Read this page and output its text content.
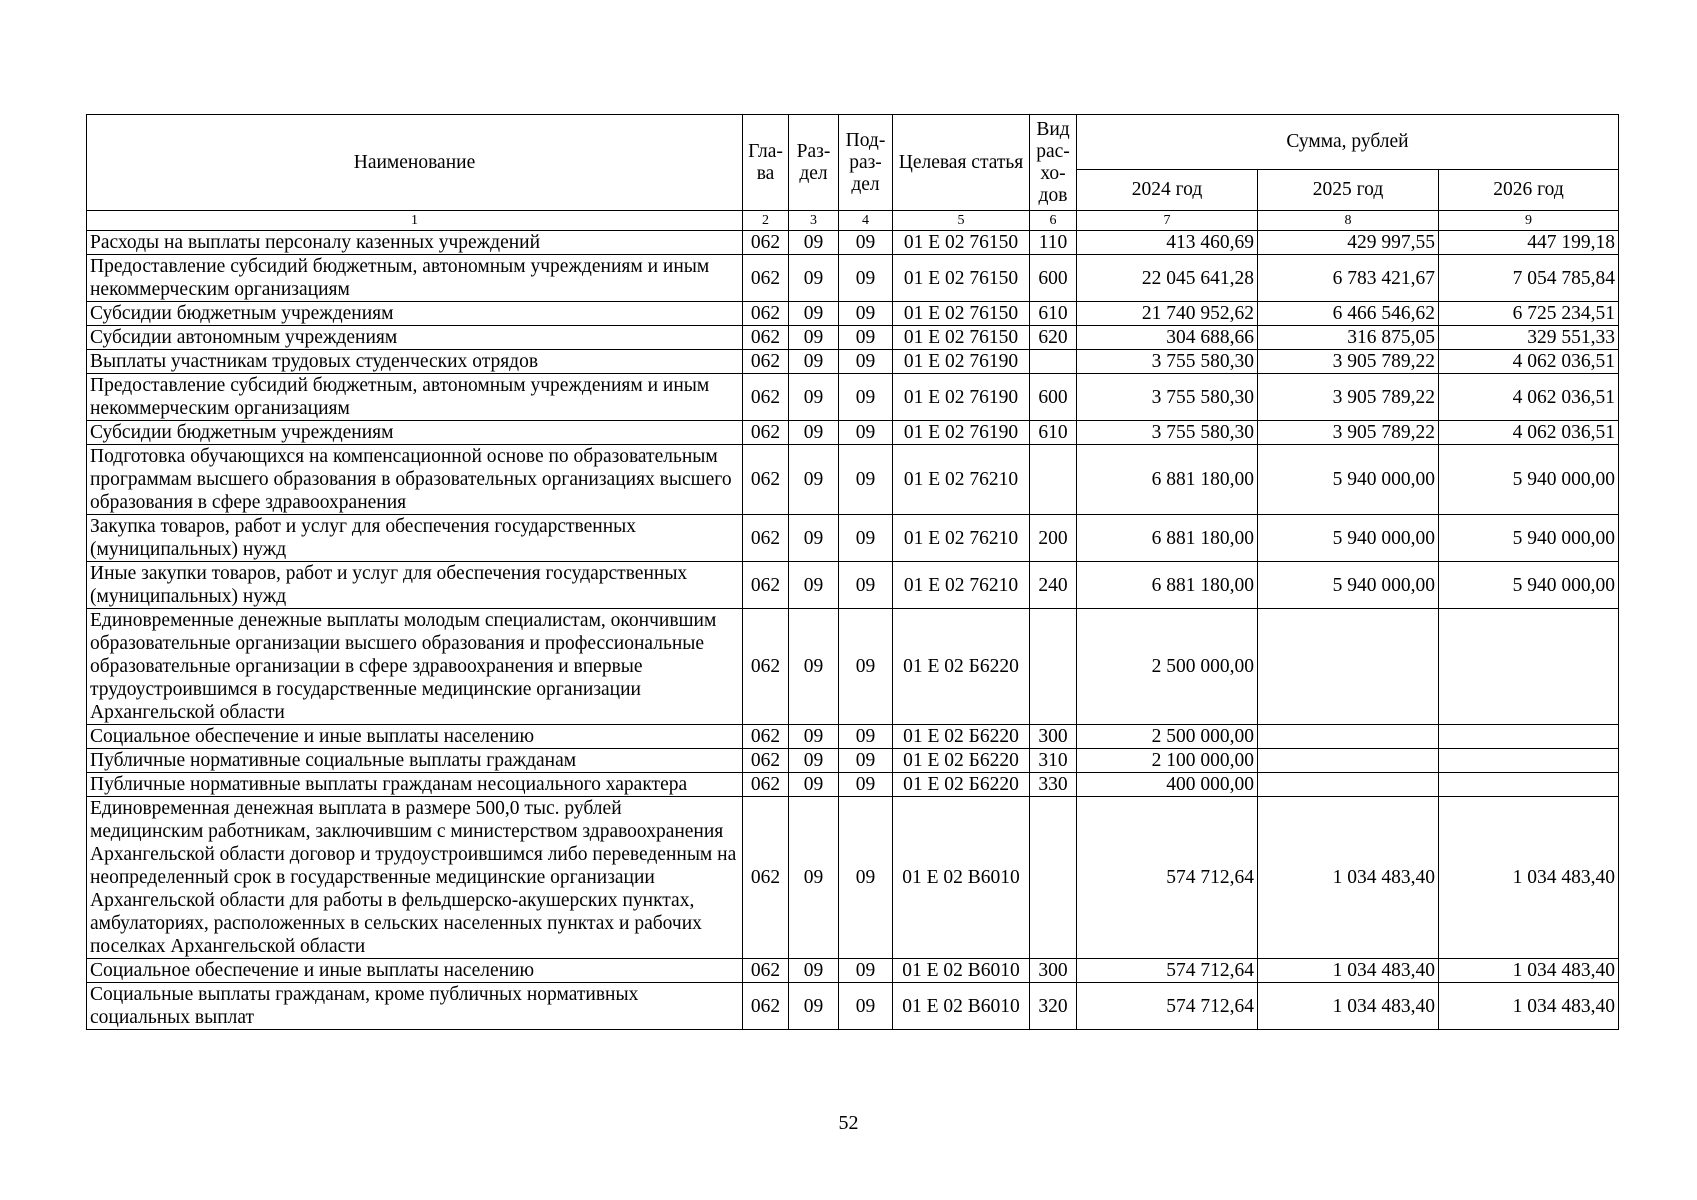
Наименование	Гла-ва	Раз-дел	Под-раз-дел	Целевая статья	Вид рас-хо-дов	Сумма, рублей		
						2024 год	2025 год	2026 год
1	2	3	4	5	6	7	8	9
Расходы на выплаты персоналу казенных учреждений	062	09	09	01 Е 02 76150	110	413 460,69	429 997,55	447 199,18
Предоставление субсидий бюджетным, автономным учреждениям и иным некоммерческим организациям	062	09	09	01 Е 02 76150	600	22 045 641,28	6 783 421,67	7 054 785,84
Субсидии бюджетным учреждениям	062	09	09	01 Е 02 76150	610	21 740 952,62	6 466 546,62	6 725 234,51
Субсидии автономным учреждениям	062	09	09	01 Е 02 76150	620	304 688,66	316 875,05	329 551,33
Выплаты участникам трудовых студенческих отрядов	062	09	09	01 Е 02 76190		3 755 580,30	3 905 789,22	4 062 036,51
Предоставление субсидий бюджетным, автономным учреждениям и иным некоммерческим организациям	062	09	09	01 Е 02 76190	600	3 755 580,30	3 905 789,22	4 062 036,51
Субсидии бюджетным учреждениям	062	09	09	01 Е 02 76190	610	3 755 580,30	3 905 789,22	4 062 036,51
Подготовка обучающихся на компенсационной основе по образовательным программам высшего образования в образовательных организациях высшего образования в сфере здравоохранения	062	09	09	01 Е 02 76210		6 881 180,00	5 940 000,00	5 940 000,00
Закупка товаров, работ и услуг для обеспечения государственных (муниципальных) нужд	062	09	09	01 Е 02 76210	200	6 881 180,00	5 940 000,00	5 940 000,00
Иные закупки товаров, работ и услуг для обеспечения государственных (муниципальных) нужд	062	09	09	01 Е 02 76210	240	6 881 180,00	5 940 000,00	5 940 000,00
Единовременные денежные выплаты молодым специалистам, окончившим образовательные организации высшего образования и профессиональные образовательные организации в сфере здравоохранения и впервые трудоустроившимся в государственные медицинские организации Архангельской области	062	09	09	01 Е 02 Б6220		2 500 000,00		
Социальное обеспечение и иные выплаты населению	062	09	09	01 Е 02 Б6220	300	2 500 000,00		
Публичные нормативные социальные выплаты гражданам	062	09	09	01 Е 02 Б6220	310	2 100 000,00		
Публичные нормативные выплаты гражданам несоциального характера	062	09	09	01 Е 02 Б6220	330	400 000,00		
Единовременная денежная выплата в размере 500,0 тыс. рублей медицинским работникам, заключившим с министерством здравоохранения Архангельской области договор и трудоустроившимся либо переведенным на неопределенный срок в государственные медицинские организации Архангельской области для работы в фельдшерско-акушерских пунктах, амбулаториях, расположенных в сельских населенных пунктах и рабочих поселках Архангельской области	062	09	09	01 Е 02 В6010		574 712,64	1 034 483,40	1 034 483,40
Социальное обеспечение и иные выплаты населению	062	09	09	01 Е 02 В6010	300	574 712,64	1 034 483,40	1 034 483,40
Социальные выплаты гражданам, кроме публичных нормативных социальных выплат	062	09	09	01 Е 02 В6010	320	574 712,64	1 034 483,40	1 034 483,40
52
